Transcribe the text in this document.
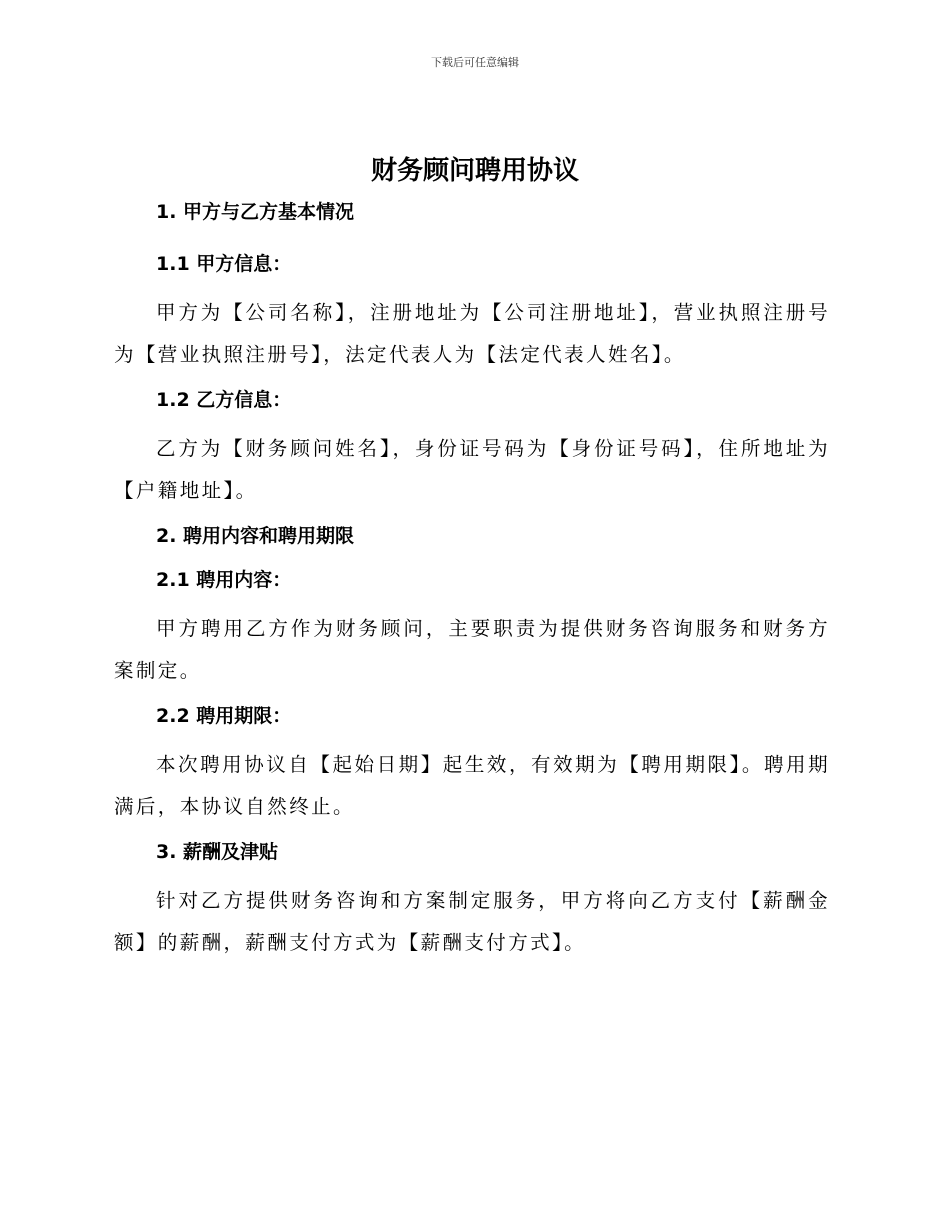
下载后可任意编辑
财务顾问聘用协议
1. 甲方与乙方基本情况
1.1 甲方信息：

甲方为【公司名称】，注册地址为【公司注册地址】，营业执照注册号为【营业执照注册号】，法定代表人为【法定代表人姓名】。

1.2 乙方信息：

乙方为【财务顾问姓名】，身份证号码为【身份证号码】，住所地址为【户籍地址】。

2. 聘用内容和聘用期限
2.1 聘用内容：

甲方聘用乙方作为财务顾问，主要职责为提供财务咨询服务和财务方案制定。

2.2 聘用期限：

本次聘用协议自【起始日期】起生效，有效期为【聘用期限】。聘用期满后，本协议自然终止。

3. 薪酬及津贴

针对乙方提供财务咨询和方案制定服务，甲方将向乙方支付【薪酬金额】的薪酬，薪酬支付方式为【薪酬支付方式】。
